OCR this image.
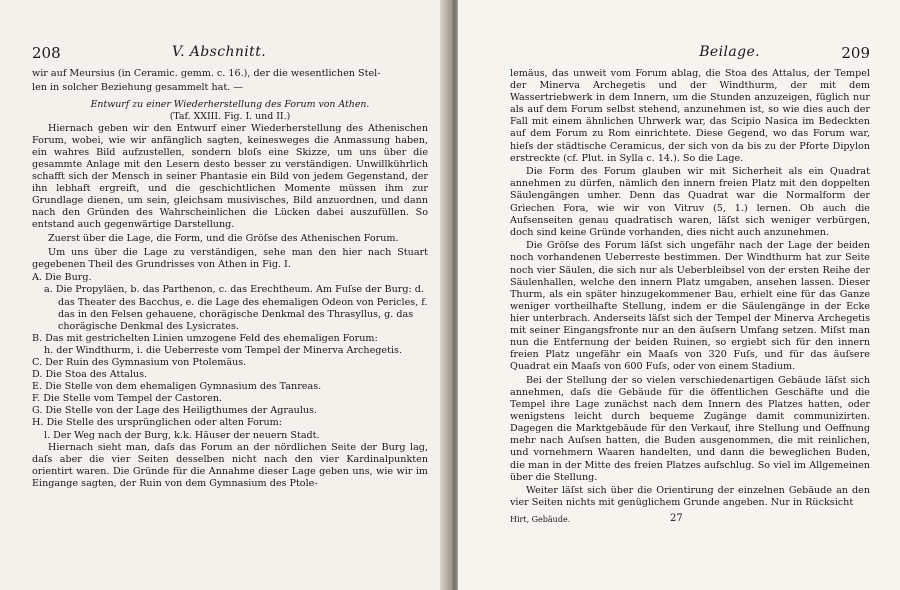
208	V. Abschnitt.

wir auf Meursius (in Ceramic. gemm. c. 16.), der die wesentlichen Stel-

len in solcher Beziehung gesammelt hat. —

Entwurf zu einer Wiederherstellung des Forum von Athen.
(Taf. XXIII. Fig. I. und II.)

Hiernach geben wir den Entwurf einer Wiederherstellung des Athenischen Forum, wobei, wie wir anfänglich sagten, keinesweges die Anmassung haben, ein wahres Bild aufzustellen, sondern bloſs eine Skizze, um uns über die gesammte Anlage mit den Lesern desto besser zu verständigen. Unwillkührlich schafft sich der Mensch in seiner Phantasie ein Bild von jedem Gegenstand, der ihn lebhaft ergreift, und die geschichtlichen Momente müssen ihm zur Grundlage dienen, um sein, gleichsam musivisches, Bild anzuordnen, und dann nach den Gründen des Wahrscheinlichen die Lücken dabei auszufüllen. So entstand auch gegenwärtige Darstellung.

Zuerst über die Lage, die Form, und die Gröſse des Athenischen Forum.

Um uns über die Lage zu verständigen, sehe man den hier nach Stuart gegebenen Theil des Grundrisses von Athen in Fig. I.

A. Die Burg.
a. Die Propyläen, b. das Parthenon, c. das Erechtheum. Am Fuſse der Burg: d. das Theater des Bacchus, e. die Lage des ehemaligen Odeon von Pericles, f. das in den Felsen gehauene, chorägische Denkmal des Thrasyllus, g. das chorägische Denkmal des Lysicrates.
B. Das mit gestrichelten Linien umzogene Feld des ehemaligen Forum:
h. der Windthurm, i. die Ueberreste vom Tempel der Minerva Archegetis.
C. Der Ruin des Gymnasium von Ptolemäus.
D. Die Stoa des Attalus.
E. Die Stelle von dem ehemaligen Gymnasium des Tanreas.
F. Die Stelle vom Tempel der Castoren.
G. Die Stelle von der Lage des Heiligthumes der Agraulus.
H. Die Stelle des ursprünglichen oder alten Forum:
l. Der Weg nach der Burg, k.k. Häuser der neuern Stadt.

Hiernach sieht man, daſs das Forum an der nördlichen Seite der Burg lag, daſs aber die vier Seiten desselben nicht nach den vier Kardinalpunkten orientirt waren. Die Gründe für die Annahme dieser Lage geben uns, wie wir im Eingange sagten, der Ruin von dem Gymnasium des Ptole-

Beilage.	209

lemäus, das unweit vom Forum ablag, die Stoa des Attalus, der Tempel der Minerva Archegetis und der Windthurm, der mit dem Wassertriebwerk in dem Innern, um die Stunden anzuzeigen, füglich nur als auf dem Forum selbst stehend, anzunehmen ist, so wie dies auch der Fall mit einem ähnlichen Uhrwerk war, das Scipio Nasica im Bedeckten auf dem Forum zu Rom einrichtete. Diese Gegend, wo das Forum war, hieſs der städtische Ceramicus, der sich von da bis zu der Pforte Dipylon erstreckte (cf. Plut. in Sylla c. 14.). So die Lage.

Die Form des Forum glauben wir mit Sicherheit als ein Quadrat annehmen zu dürfen, nämlich den innern freien Platz mit den doppelten Säulengängen umher. Denn das Quadrat war die Normalform der Griechen Fora, wie wir von Vitruv (5, 1.) lernen. Ob auch die Aufsenseiten genau quadratisch waren, läſst sich weniger verbürgen, doch sind keine Gründe vorhanden, dies nicht auch anzunehmen.

Die Gröſse des Forum läſst sich ungefähr nach der Lage der beiden noch vorhandenen Ueberreste bestimmen. Der Windthurm hat zur Seite noch vier Säulen, die sich nur als Ueberbleibsel von der ersten Reihe der Säulenhallen, welche den innern Platz umgaben, ansehen lassen. Dieser Thurm, als ein später hinzugekommener Bau, erhielt eine für das Ganze weniger vortheilhafte Stellung, indem er die Säulengänge in der Ecke hier unterbrach. Anderseits läſst sich der Tempel der Minerva Archegetis mit seiner Eingangsfronte nur an den äuſsern Umfang setzen. Miſst man nun die Entfernung der beiden Ruinen, so ergiebt sich für den innern freien Platz ungefähr ein Maaſs von 320 Fuſs, und für das äuſsere Quadrat ein Maaſs von 600 Fuſs, oder von einem Stadium.

Bei der Stellung der so vielen verschiedenartigen Gebäude läſst sich annehmen, daſs die Gebäude für die öffentlichen Geschäfte und die Tempel ihre Lage zunächst nach dem Innern des Platzes hatten, oder wenigstens leicht durch bequeme Zugänge damit communizirten. Dagegen die Marktgebäude für den Verkauf, ihre Stellung und Oeffnung mehr nach Auſsen hatten, die Buden ausgenommen, die mit reinlichen, und vornehmern Waaren handelten, und dann die beweglichen Buden, die man in der Mitte des freien Platzes aufschlug. So viel im Allgemeinen über die Stellung.

Weiter läſst sich über die Orientirung der einzelnen Gebäude an den vier Seiten nichts mit genüglichem Grunde angeben. Nur in Rücksicht

Hirt, Gebäude.	27
